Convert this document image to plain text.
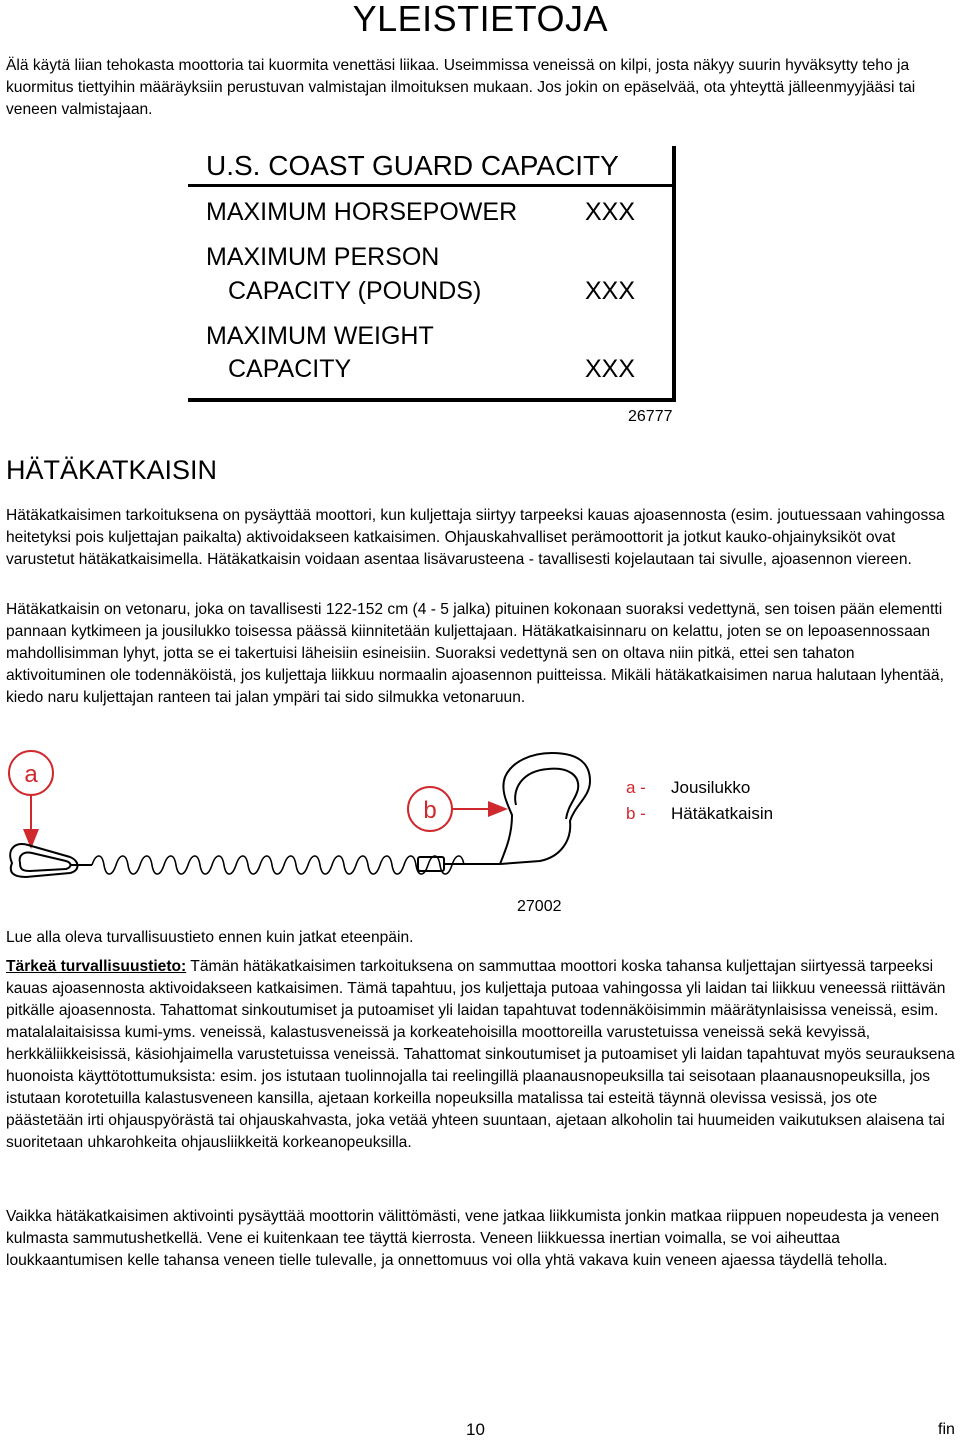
YLEISTIETOJA

Älä käytä liian tehokasta moottoria tai kuormita venettäsi liikaa. Useimmissa veneissä on kilpi, josta näkyy suurin hyväksytty teho ja kuormitus tiettyihin määräyksiin perustuvan valmistajan ilmoituksen mukaan. Jos jokin on epäselvää, ota yhteyttä jälleenmyyjääsi tai veneen valmistajaan.

U.S. COAST GUARD CAPACITY
MAXIMUM HORSEPOWER	XXX
MAXIMUM PERSON
CAPACITY (POUNDS)	XXX
MAXIMUM WEIGHT
CAPACITY	XXX
26777
HÄTÄKATKAISIN

Hätäkatkaisimen tarkoituksena on pysäyttää moottori, kun kuljettaja siirtyy tarpeeksi kauas ajoasennosta (esim. joutuessaan vahingossa heitetyksi pois kuljettajan paikalta) aktivoidakseen katkaisimen. Ohjauskahvalliset perämoottorit ja jotkut kauko-ohjainyksiköt ovat varustetut hätäkatkaisimella. Hätäkatkaisin voidaan asentaa lisävarusteena - tavallisesti kojelautaan tai sivulle, ajoasennon viereen.

Hätäkatkaisin on vetonaru, joka on tavallisesti 122-152 cm (4 - 5 jalka) pituinen kokonaan suoraksi vedettynä, sen toisen pään elementti pannaan kytkimeen ja jousilukko toisessa päässä kiinnitetään kuljettajaan. Hätäkatkaisinnaru on kelattu, joten se on lepoasennossaan mahdollisimman lyhyt, jotta se ei takertuisi läheisiin esineisiin. Suoraksi vedettynä sen on oltava niin pitkä, ettei sen tahaton aktivoituminen ole todennäköistä, jos kuljettaja liikkuu normaalin ajoasennon puitteissa. Mikäli hätäkatkaisimen narua halutaan lyhentää, kiedo naru kuljettajan ranteen tai jalan ympäri tai sido silmukka vetonaruun.

a
b
a - Jousilukko
b - Hätäkatkaisin
27002

Lue alla oleva turvallisuustieto ennen kuin jatkat eteenpäin.

Tärkeä turvallisuustieto: Tämän hätäkatkaisimen tarkoituksena on sammuttaa moottori koska tahansa kuljettajan siirtyessä tarpeeksi kauas ajoasennosta aktivoidakseen katkaisimen. Tämä tapahtuu, jos kuljettaja putoaa vahingossa yli laidan tai liikkuu veneessä riittävän pitkälle ajoasennosta. Tahattomat sinkoutumiset ja putoamiset yli laidan tapahtuvat todennäköisimmin määrätynlaisissa veneissä, esim. matalalaitaisissa kumi-yms. veneissä, kalastusveneissä ja korkeatehoisilla moottoreilla varustetuissa veneissä sekä kevyissä, herkkäliikkeisissä, käsiohjaimella varustetuissa veneissä. Tahattomat sinkoutumiset ja putoamiset yli laidan tapahtuvat myös seurauksena huonoista käyttötottumuksista: esim. jos istutaan tuolinnojalla tai reelingillä plaanausnopeuksilla tai seisotaan plaanausnopeuksilla, jos istutaan korotetuilla kalastusveneen kansilla, ajetaan korkeilla nopeuksilla matalissa tai esteitä täynnä olevissa vesissä, jos ote päästetään irti ohjauspyörästä tai ohjauskahvasta, joka vetää yhteen suuntaan, ajetaan alkoholin tai huumeiden vaikutuksen alaisena tai suoritetaan uhkarohkeita ohjausliikkeitä korkeanopeuksilla.

Vaikka hätäkatkaisimen aktivointi pysäyttää moottorin välittömästi, vene jatkaa liikkumista jonkin matkaa riippuen nopeudesta ja veneen kulmasta sammutushetkellä. Vene ei kuitenkaan tee täyttä kierrosta. Veneen liikkuessa inertian voimalla, se voi aiheuttaa loukkaantumisen kelle tahansa veneen tielle tulevalle, ja onnettomuus voi olla yhtä vakava kuin veneen ajaessa täydellä teholla.

10	fin
